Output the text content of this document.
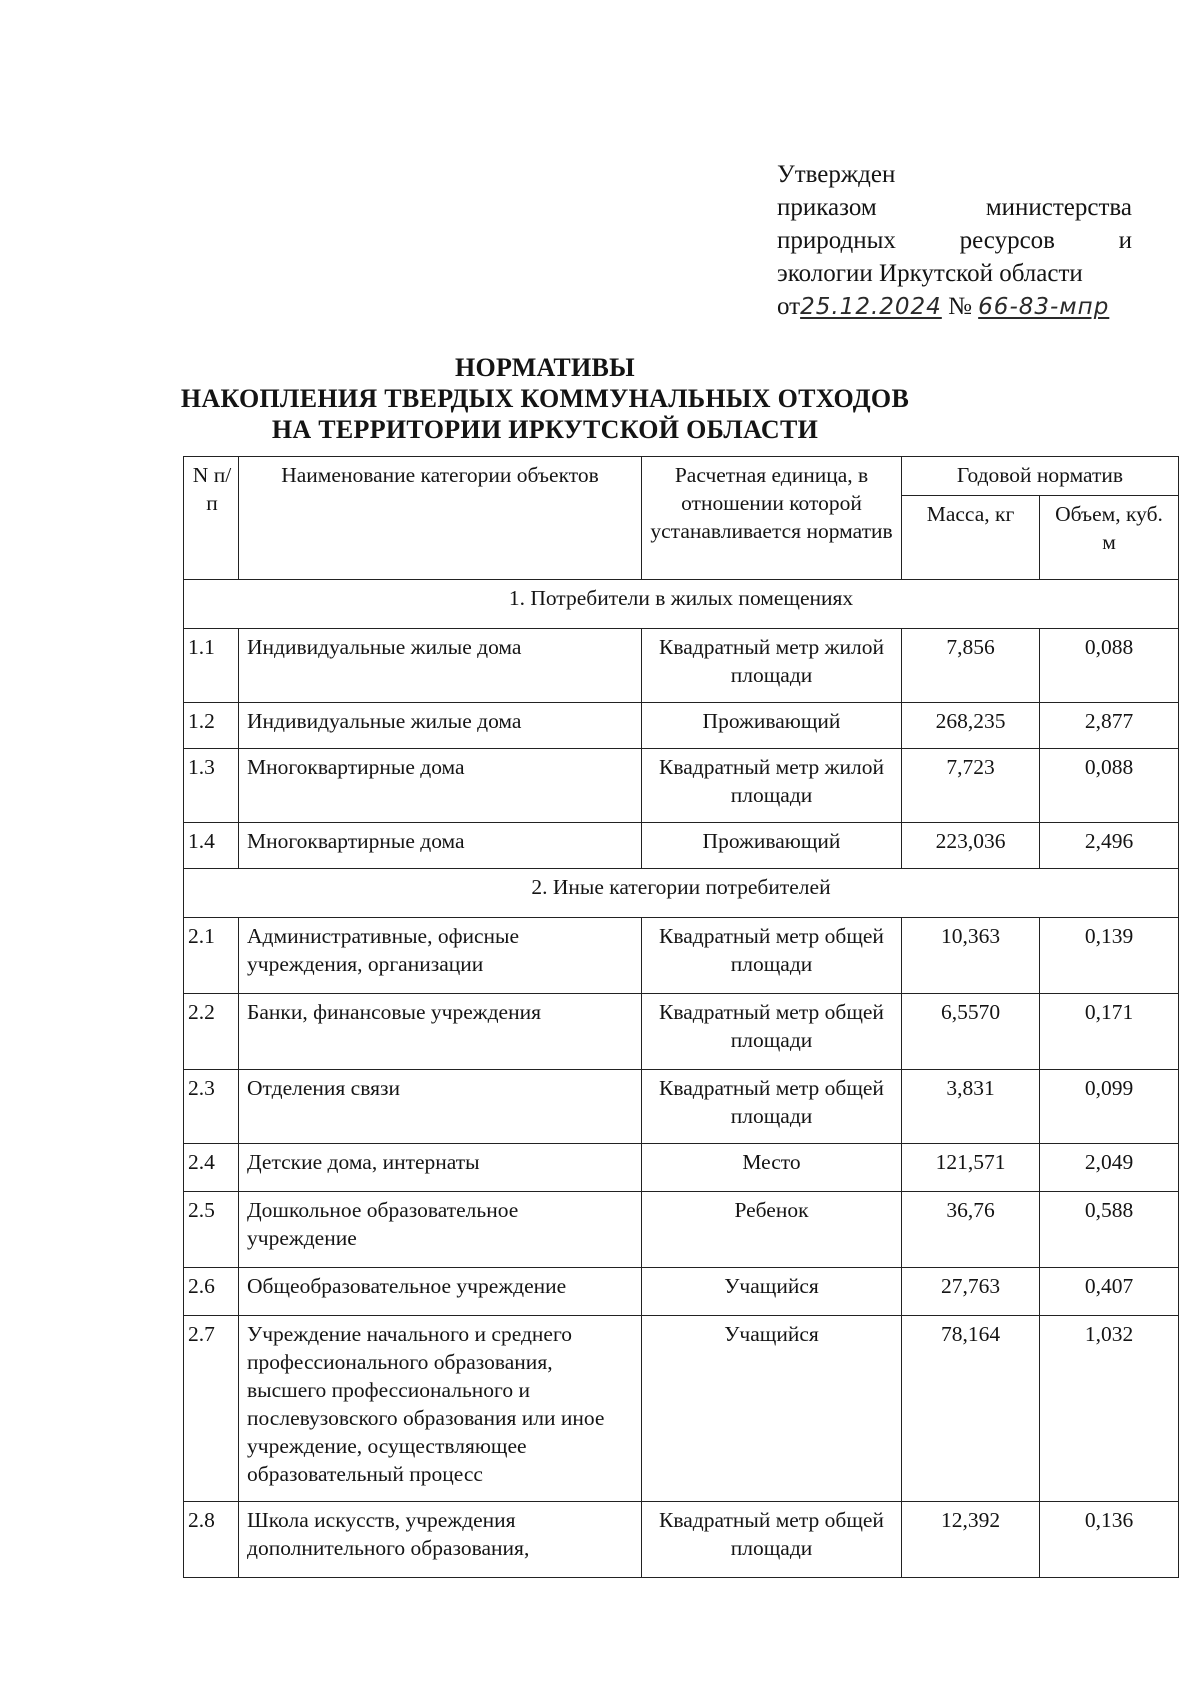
Утвержден
приказом	министерства
природных	ресурсов	и
экологии Иркутской области
от25.12.2024 № 66-83-мпр
НОРМАТИВЫ
НАКОПЛЕНИЯ ТВЕРДЫХ КОММУНАЛЬНЫХ ОТХОДОВ
НА ТЕРРИТОРИИ ИРКУТСКОЙ ОБЛАСТИ
N п/п	Наименование категории объектов	Расчетная единица, в отношении которой устанавливается норматив	Годовой норматив	
			Масса, кг	Объем, куб. м
1. Потребители в жилых помещениях				
1.1	Индивидуальные жилые дома	Квадратный метр жилой площади	7,856	0,088
1.2	Индивидуальные жилые дома	Проживающий	268,235	2,877
1.3	Многоквартирные дома	Квадратный метр жилой площади	7,723	0,088
1.4	Многоквартирные дома	Проживающий	223,036	2,496
2. Иные категории потребителей				
2.1	Административные, офисные учреждения, организации	Квадратный метр общей площади	10,363	0,139
2.2	Банки, финансовые учреждения	Квадратный метр общей площади	6,5570	0,171
2.3	Отделения связи	Квадратный метр общей площади	3,831	0,099
2.4	Детские дома, интернаты	Место	121,571	2,049
2.5	Дошкольное образовательное учреждение	Ребенок	36,76	0,588
2.6	Общеобразовательное учреждение	Учащийся	27,763	0,407
2.7	Учреждение начального и среднего профессионального образования, высшего профессионального и послевузовского образования или иное учреждение, осуществляющее образовательный процесс	Учащийся	78,164	1,032
2.8	Школа искусств, учреждения дополнительного образования,	Квадратный метр общей площади	12,392	0,136
